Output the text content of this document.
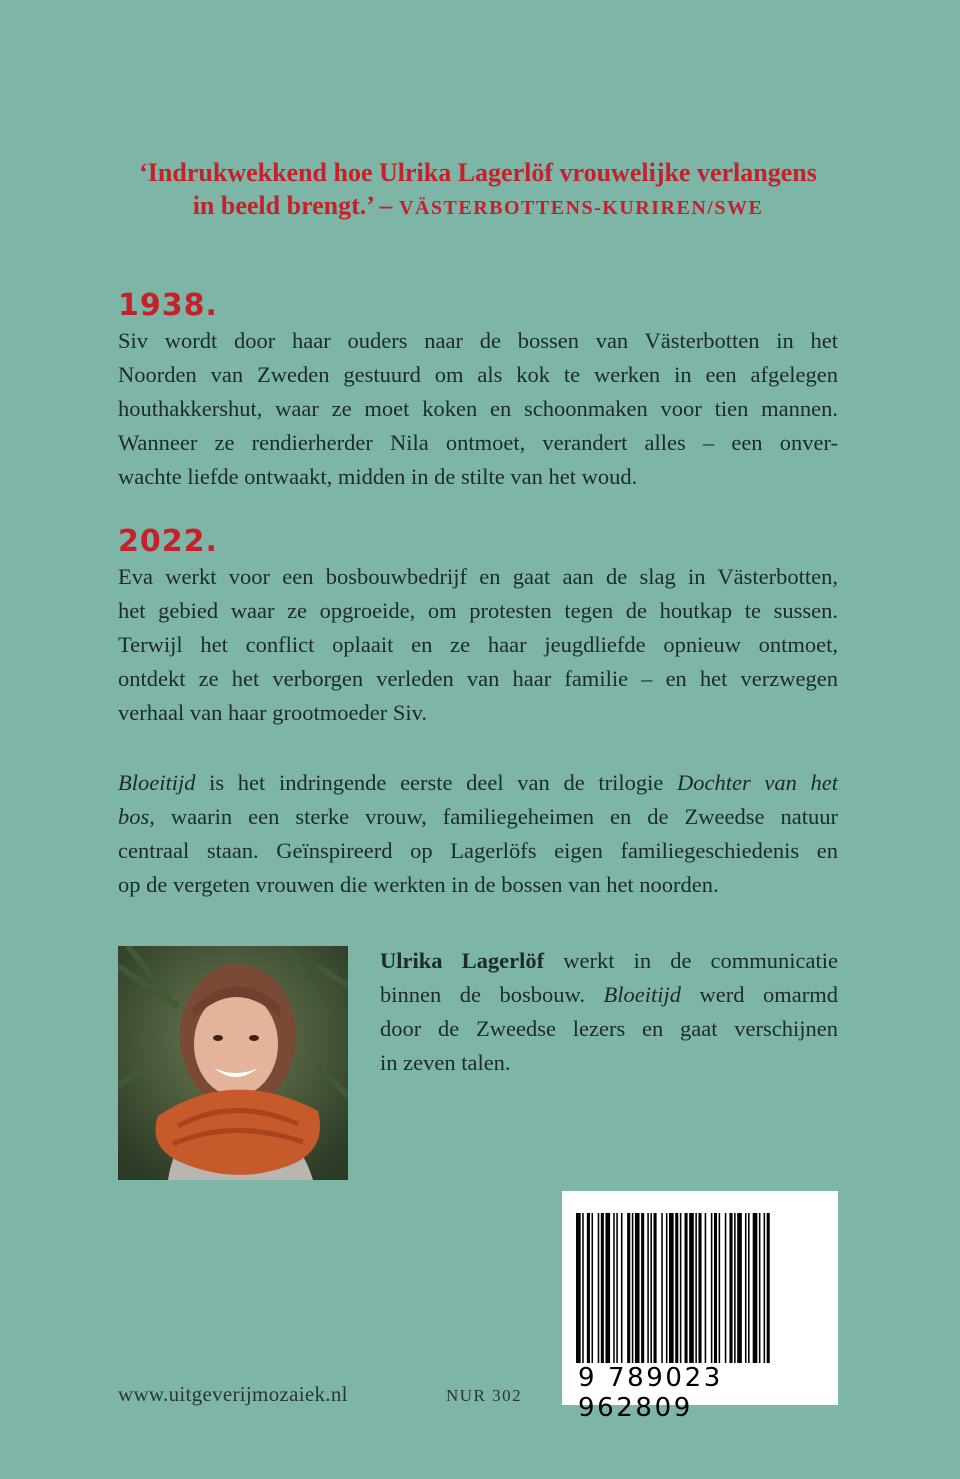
‘Indrukwekkend hoe Ulrika Lagerlöf vrouwelijke verlangens
in beeld brengt.’ – VÄSTERBOTTENS-KURIREN/SWE
1938.
Siv wordt door haar ouders naar de bossen van Västerbotten in het
Noorden van Zweden gestuurd om als kok te werken in een afgelegen
houthakkershut, waar ze moet koken en schoonmaken voor tien mannen.
Wanneer ze rendierherder Nila ontmoet, verandert alles – een onver-
wachte liefde ontwaakt, midden in de stilte van het woud.
2022.
Eva werkt voor een bosbouwbedrijf en gaat aan de slag in Västerbotten,
het gebied waar ze opgroeide, om protesten tegen de houtkap te sussen.
Terwijl het conflict oplaait en ze haar jeugdliefde opnieuw ontmoet,
ontdekt ze het verborgen verleden van haar familie – en het verzwegen
verhaal van haar grootmoeder Siv.
Bloeitijd is het indringende eerste deel van de trilogie Dochter van het
bos, waarin een sterke vrouw, familiegeheimen en de Zweedse natuur
centraal staan. Geïnspireerd op Lagerlöfs eigen familiegeschiedenis en
op de vergeten vrouwen die werkten in de bossen van het noorden.
Ulrika Lagerlöf werkt in de communicatie
binnen de bosbouw. Bloeitijd werd omarmd
door de Zweedse lezers en gaat verschijnen
in zeven talen.
www.uitgeverijmozaiek.nl	NUR 302
9 789023 962809
